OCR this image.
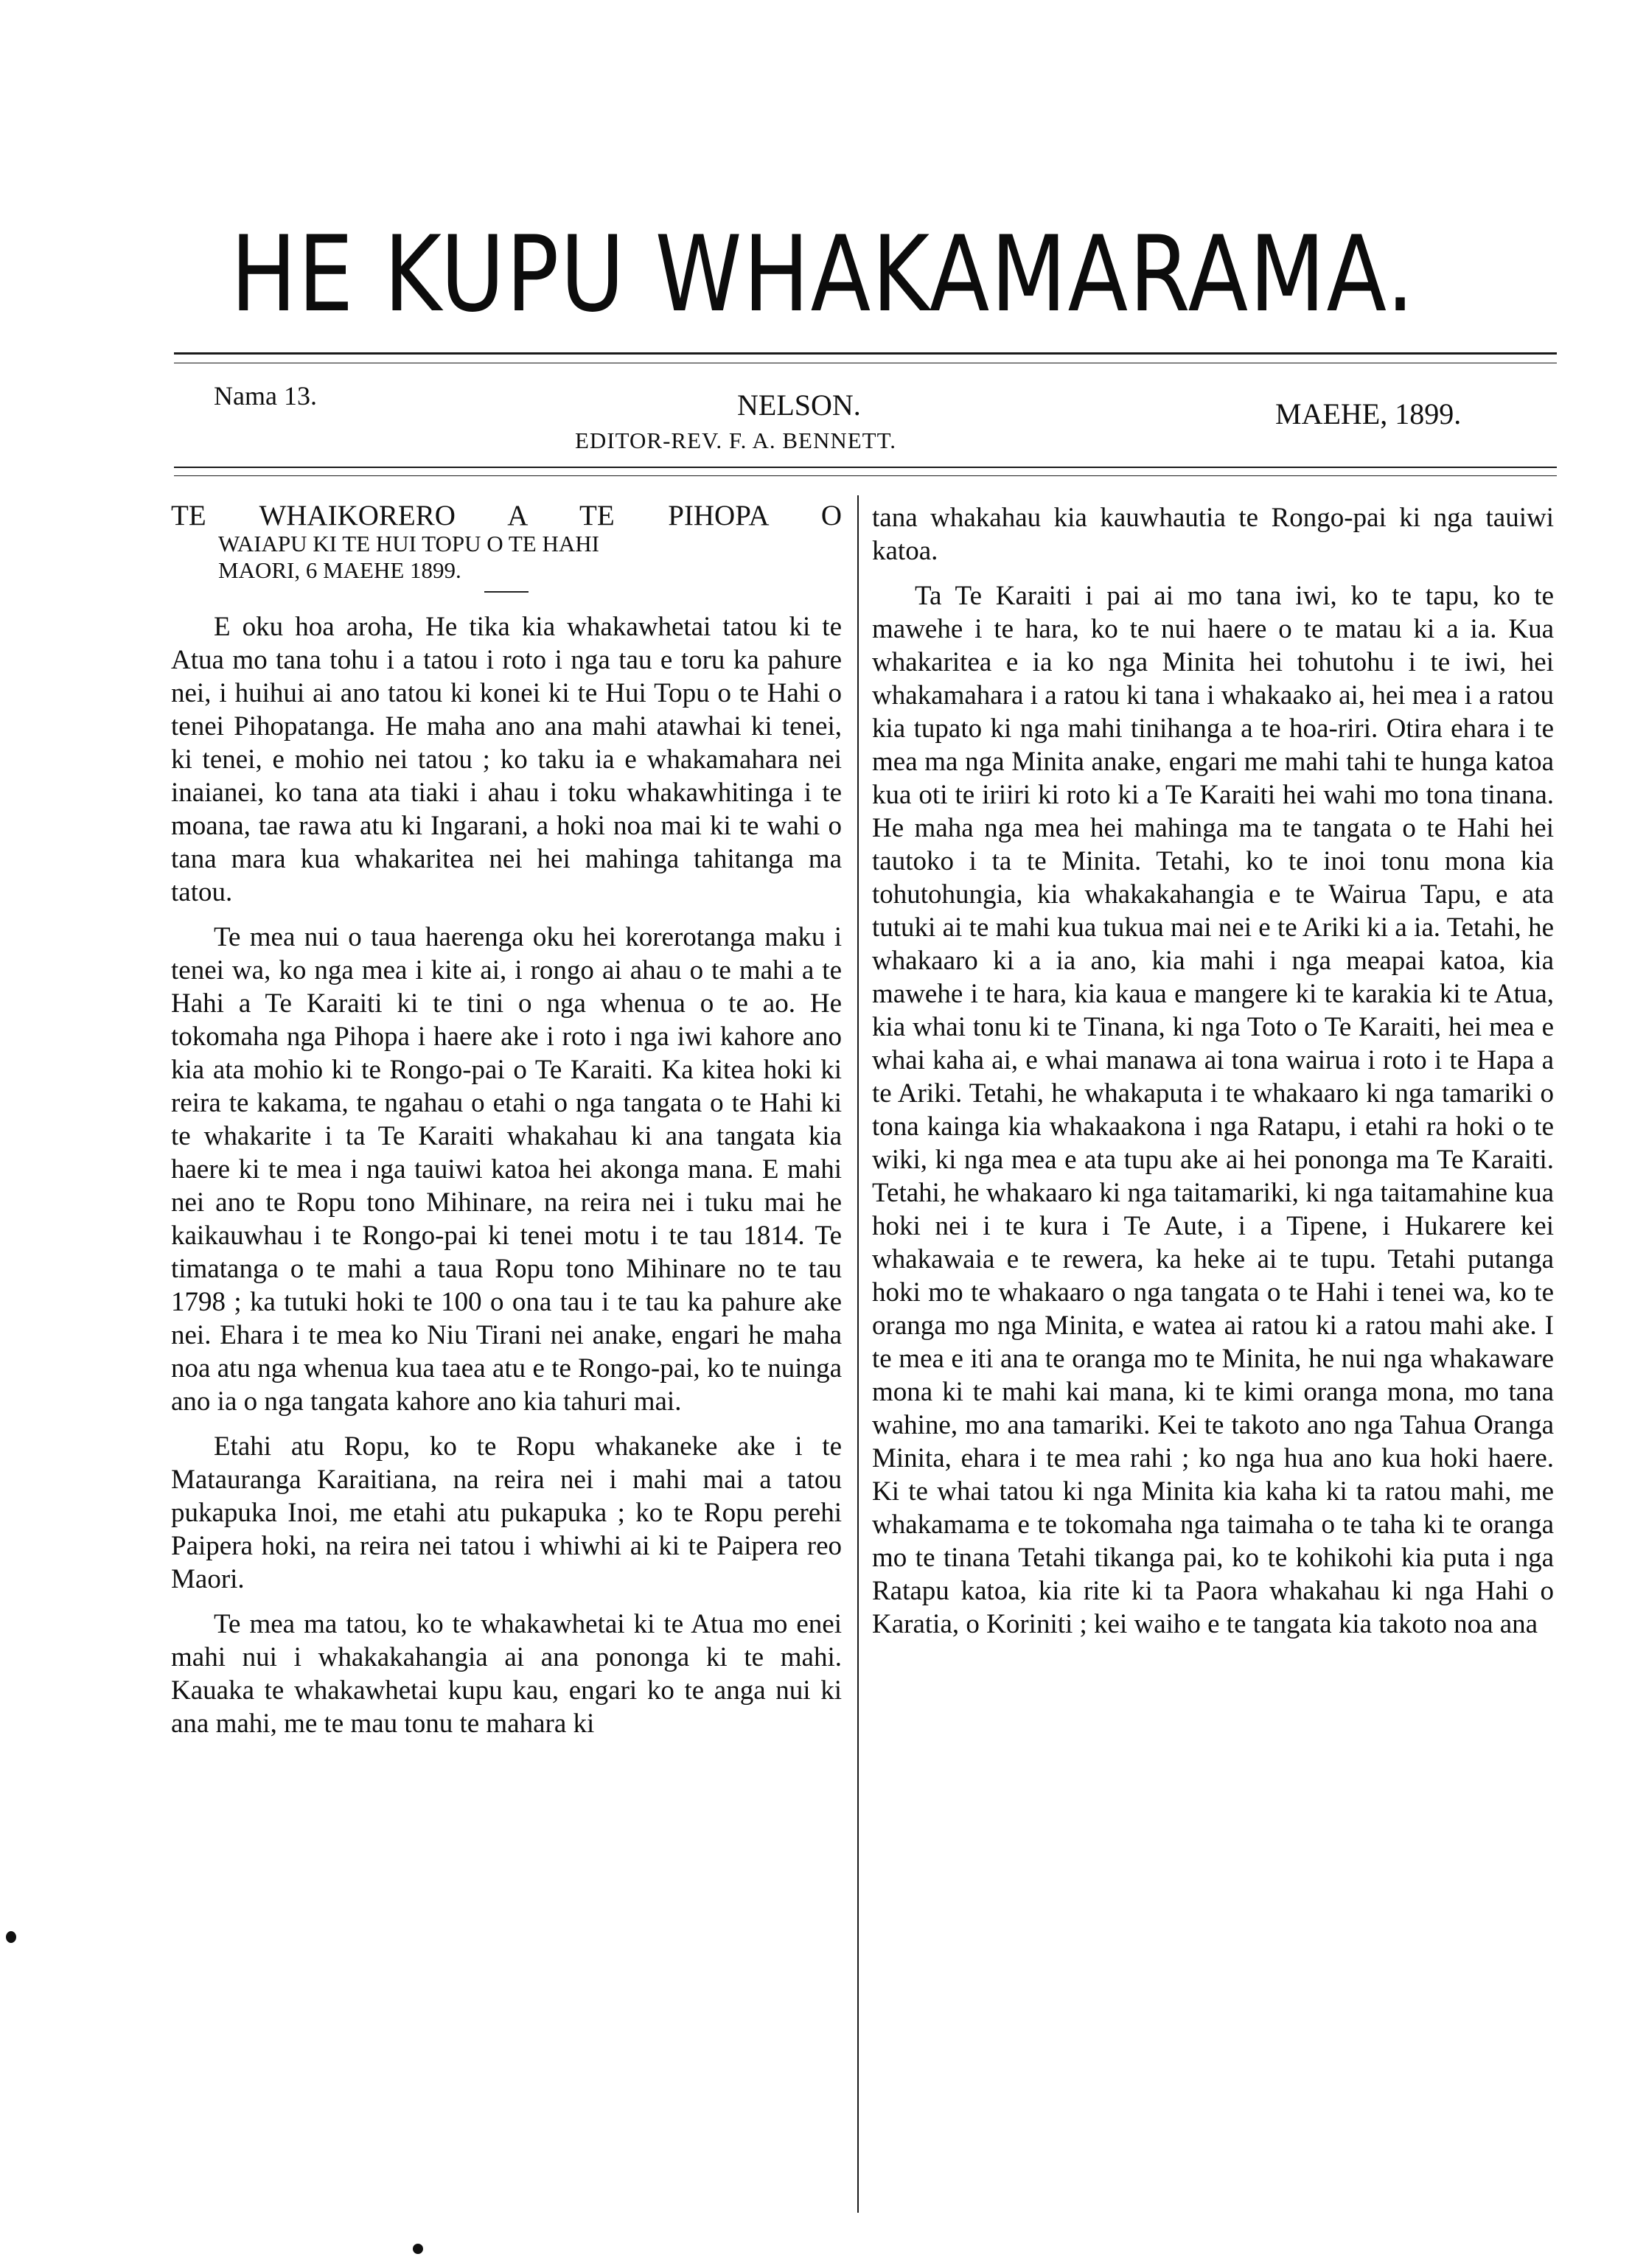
HE KUPU WHAKAMARAMA.
Nama 13.	NELSON.	MAEHE, 1899.
EDITOR-REV. F. A. BENNETT.
TE WHAIKORERO A TE PIHOPA O
WAIAPU KI TE HUI TOPU O TE HAHI
MAORI, 6 MAEHE 1899.

E oku hoa aroha, He tika kia whakawhetai tatou ki te Atua mo tana tohu i a tatou i roto i nga tau e toru ka pahure nei, i huihui ai ano tatou ki konei ki te Hui Topu o te Hahi o tenei Pihopatanga. He maha ano ana mahi atawhai ki tenei, ki tenei, e mohio nei tatou ; ko taku ia e whakamahara nei inaianei, ko tana ata tiaki i ahau i toku whakawhitinga i te moana, tae rawa atu ki Ingarani, a hoki noa mai ki te wahi o tana mara kua whakaritea nei hei mahinga tahitanga ma tatou.

Te mea nui o taua haerenga oku hei korerotanga maku i tenei wa, ko nga mea i kite ai, i rongo ai ahau o te mahi a te Hahi a Te Karaiti ki te tini o nga whenua o te ao. He tokomaha nga Pihopa i haere ake i roto i nga iwi kahore ano kia ata mohio ki te Rongo-pai o Te Karaiti. Ka kitea hoki ki reira te kakama, te ngahau o etahi o nga tangata o te Hahi ki te whakarite i ta Te Karaiti whakahau ki ana tangata kia haere ki te mea i nga tauiwi katoa hei akonga mana. E mahi nei ano te Ropu tono Mihinare, na reira nei i tuku mai he kaikauwhau i te Rongo-pai ki tenei motu i te tau 1814. Te timatanga o te mahi a taua Ropu tono Mihinare no te tau 1798 ; ka tutuki hoki te 100 o ona tau i te tau ka pahure ake nei. Ehara i te mea ko Niu Tirani nei anake, engari he maha noa atu nga whenua kua taea atu e te Rongo-pai, ko te nuinga ano ia o nga tangata kahore ano kia tahuri mai.

Etahi atu Ropu, ko te Ropu whakaneke ake i te Matauranga Karaitiana, na reira nei i mahi mai a tatou pukapuka Inoi, me etahi atu pukapuka ; ko te Ropu perehi Paipera hoki, na reira nei tatou i whiwhi ai ki te Paipera reo Maori.

Te mea ma tatou, ko te whakawhetai ki te Atua mo enei mahi nui i whakakahangia ai ana pononga ki te mahi. Kauaka te whakawhetai kupu kau, engari ko te anga nui ki ana mahi, me te mau tonu te mahara ki

tana whakahau kia kauwhautia te Rongo-pai ki nga tauiwi katoa.

Ta Te Karaiti i pai ai mo tana iwi, ko te tapu, ko te mawehe i te hara, ko te nui haere o te matau ki a ia. Kua whakaritea e ia ko nga Minita hei tohutohu i te iwi, hei whakamahara i a ratou ki tana i whakaako ai, hei mea i a ratou kia tupato ki nga mahi tinihanga a te hoa-riri. Otira ehara i te mea ma nga Minita anake, engari me mahi tahi te hunga katoa kua oti te iriiri ki roto ki a Te Karaiti hei wahi mo tona tinana. He maha nga mea hei mahinga ma te tangata o te Hahi hei tautoko i ta te Minita. Tetahi, ko te inoi tonu mona kia tohutohungia, kia whakakahangia e te Wairua Tapu, e ata tutuki ai te mahi kua tukua mai nei e te Ariki ki a ia. Tetahi, he whakaaro ki a ia ano, kia mahi i nga meapai katoa, kia mawehe i te hara, kia kaua e mangere ki te karakia ki te Atua, kia whai tonu ki te Tinana, ki nga Toto o Te Karaiti, hei mea e whai kaha ai, e whai manawa ai tona wairua i roto i te Hapa a te Ariki. Tetahi, he whakaputa i te whakaaro ki nga tamariki o tona kainga kia whakaakona i nga Ratapu, i etahi ra hoki o te wiki, ki nga mea e ata tupu ake ai hei pononga ma Te Karaiti. Tetahi, he whakaaro ki nga taitamariki, ki nga taitamahine kua hoki nei i te kura i Te Aute, i a Tipene, i Hukarere kei whakawaia e te rewera, ka heke ai te tupu. Tetahi putanga hoki mo te whakaaro o nga tangata o te Hahi i tenei wa, ko te oranga mo nga Minita, e watea ai ratou ki a ratou mahi ake. I te mea e iti ana te oranga mo te Minita, he nui nga whakaware mona ki te mahi kai mana, ki te kimi oranga mona, mo tana wahine, mo ana tamariki. Kei te takoto ano nga Tahua Oranga Minita, ehara i te mea rahi ; ko nga hua ano kua hoki haere. Ki te whai tatou ki nga Minita kia kaha ki ta ratou mahi, me whakamama e te tokomaha nga taimaha o te taha ki te oranga mo te tinana Tetahi tikanga pai, ko te kohikohi kia puta i nga Ratapu katoa, kia rite ki ta Paora whakahau ki nga Hahi o Karatia, o Koriniti ; kei waiho e te tangata kia takoto noa ana
